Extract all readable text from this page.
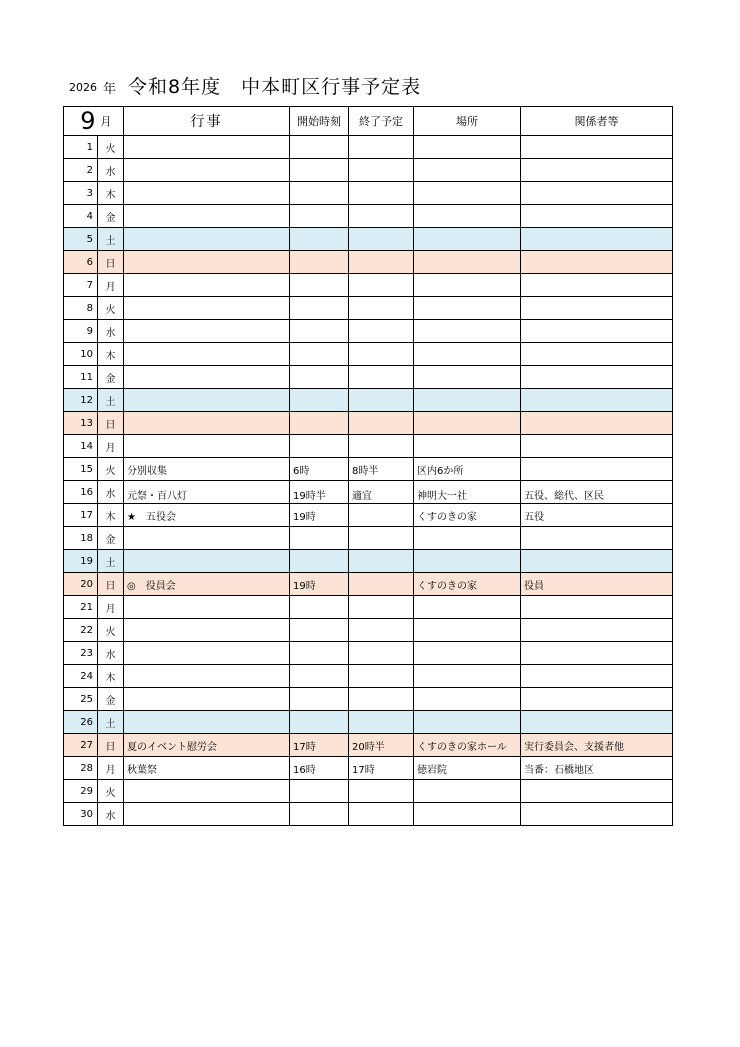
2026 年 令和8年度　中本町区行事予定表
9	月	行事	開始時刻	終了予定	場所	関係者等
1	火					
2	水					
3	木					
4	金					
5	土					
6	日					
7	月					
8	火					
9	水					
10	木					
11	金					
12	土					
13	日					
14	月					
15	火	分別収集	6時	8時半	区内6か所	
16	水	元祭・百八灯	19時半	適宜	神明大一社	五役、総代、区民
17	木	★　五役会	19時		くすのきの家	五役
18	金					
19	土					
20	日	◎　役員会	19時		くすのきの家	役員
21	月					
22	火					
23	水					
24	木					
25	金					
26	土					
27	日	夏のイベント慰労会	17時	20時半	くすのきの家ホール	実行委員会、支援者他
28	月	秋葉祭	16時	17時	徳岩院	当番：石橋地区
29	火					
30	水					
